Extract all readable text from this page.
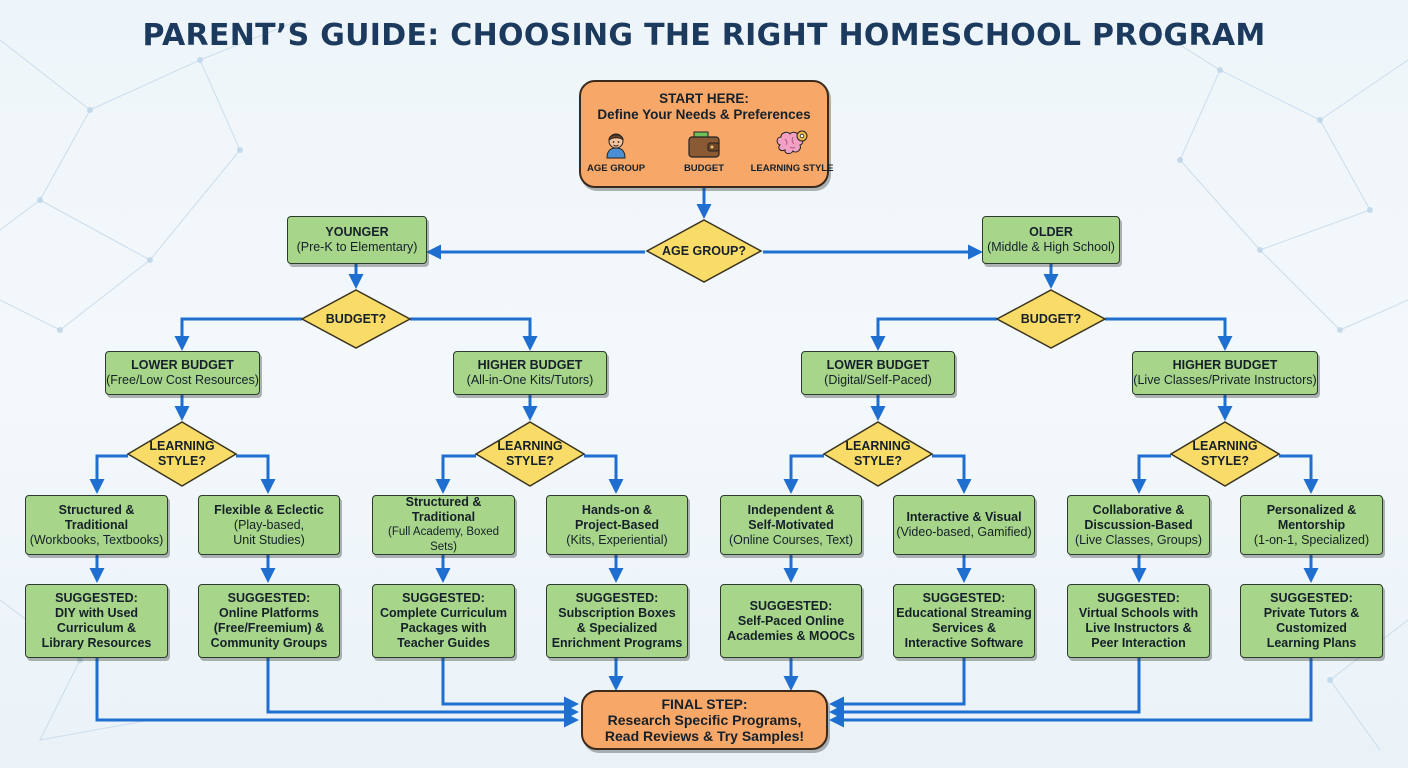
PARENT’S GUIDE: CHOOSING THE RIGHT HOMESCHOOL PROGRAM
START HERE:
Define Your Needs & Preferences
AGE GROUP	BUDGET	LEARNING STYLE
AGE GROUP?
YOUNGER
(Pre-K to Elementary)
OLDER
(Middle & High School)
BUDGET?	BUDGET?
LOWER BUDGET
(Free/Low Cost Resources)
HIGHER BUDGET
(All-in-One Kits/Tutors)
LOWER BUDGET
(Digital/Self-Paced)
HIGHER BUDGET
(Live Classes/Private Instructors)
LEARNING
STYLE?
LEARNING
STYLE?
LEARNING
STYLE?
LEARNING
STYLE?
Structured &
Traditional
(Workbooks, Textbooks)
Flexible & Eclectic
(Play-based,
Unit Studies)
Structured &
Traditional
(Full Academy, Boxed Sets)
Hands-on &
Project-Based
(Kits, Experiential)
Independent &
Self-Motivated
(Online Courses, Text)
Interactive & Visual
(Video-based, Gamified)
Collaborative &
Discussion-Based
(Live Classes, Groups)
Personalized &
Mentorship
(1-on-1, Specialized)
SUGGESTED:
DIY with Used
Curriculum &
Library Resources
SUGGESTED:
Online Platforms
(Free/Freemium) &
Community Groups
SUGGESTED:
Complete Curriculum
Packages with
Teacher Guides
SUGGESTED:
Subscription Boxes
& Specialized
Enrichment Programs
SUGGESTED:
Self-Paced Online
Academies & MOOCs
SUGGESTED:
Educational Streaming
Services &
Interactive Software
SUGGESTED:
Virtual Schools with
Live Instructors &
Peer Interaction
SUGGESTED:
Private Tutors &
Customized
Learning Plans
FINAL STEP:
Research Specific Programs,
Read Reviews & Try Samples!
